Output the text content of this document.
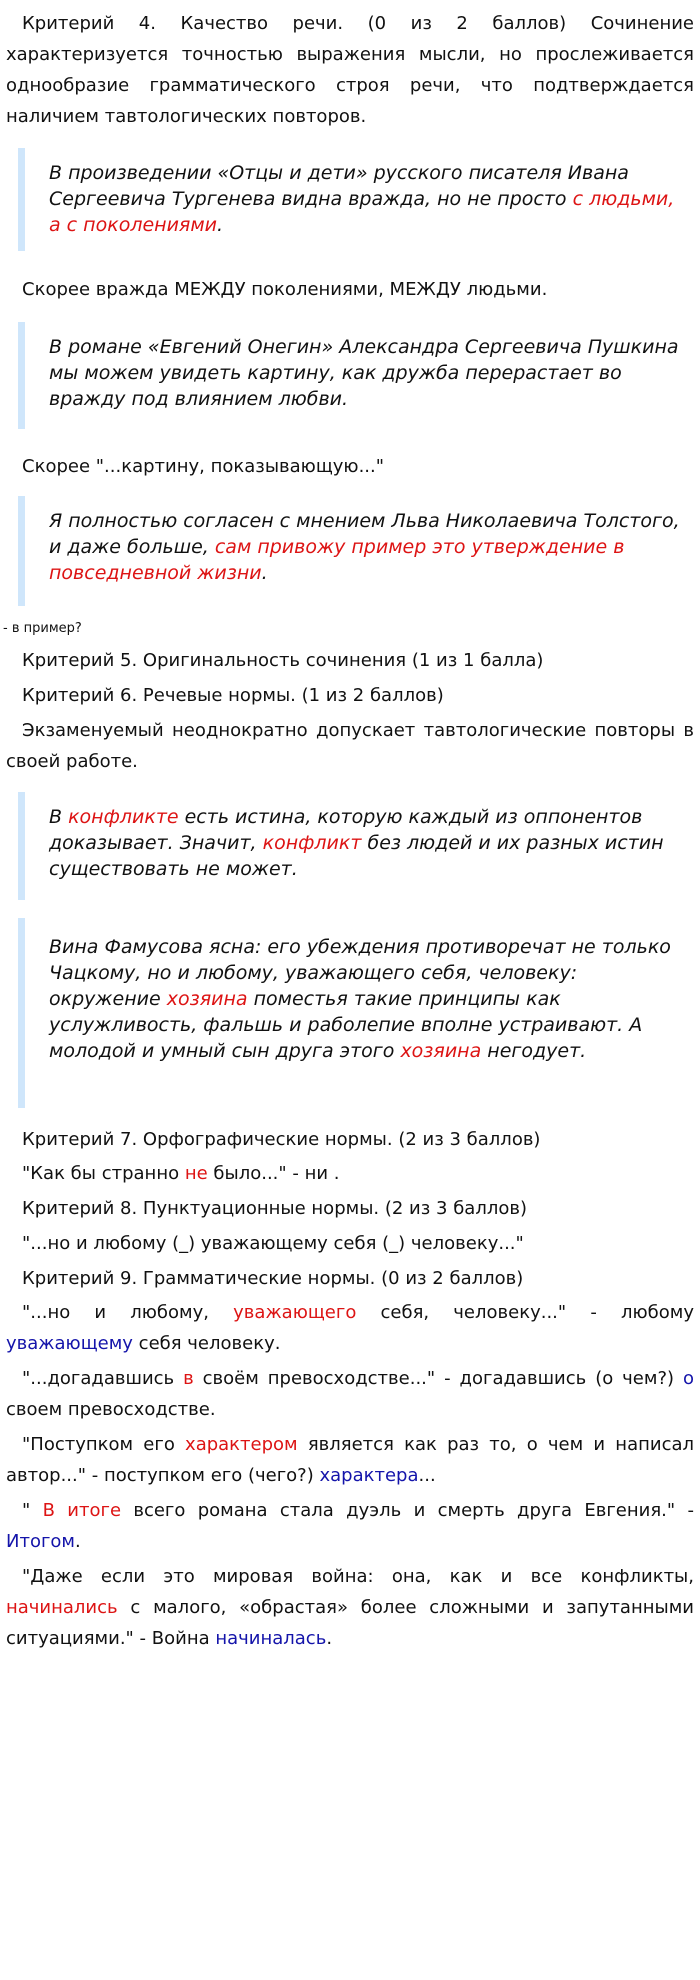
Критерий 4. Качество речи. (0 из 2 баллов) Сочинение характеризуется точностью выражения мысли, но прослеживается однообразие грамматического строя речи, что подтверждается наличием тавтологических повторов.

В произведении «Отцы и дети» русского писателя Ивана Сергеевича Тургенева видна вражда, но не просто с людьми, а с поколениями.

Скорее вражда МЕЖДУ поколениями, МЕЖДУ людьми.

В романе «Евгений Онегин» Александра Сергеевича Пушкина мы можем увидеть картину, как дружба перерастает во вражду под влиянием любви.

Скорее "...картину, показывающую..."

Я полностью согласен с мнением Льва Николаевича Толстого, и даже больше, сам привожу пример это утверждение в повседневной жизни.

- в пример?

Критерий 5. Оригинальность сочинения (1 из 1 балла)

Критерий 6. Речевые нормы. (1 из 2 баллов)

Экзаменуемый неоднократно допускает тавтологические повторы в своей работе.

В конфликте есть истина, которую каждый из оппонентов доказывает. Значит, конфликт без людей и их разных истин существовать не может.

Вина Фамусова ясна: его убеждения противоречат не только Чацкому, но и любому, уважающего себя, человеку: окружение хозяина поместья такие принципы как услужливость, фальшь и раболепие вполне устраивают. А молодой и умный сын друга этого хозяина негодует.

Критерий 7. Орфографические нормы. (2 из 3 баллов)

"Как бы странно не было..." - ни .

Критерий 8. Пунктуационные нормы. (2 из 3 баллов)

"...но и любому (_) уважающему себя (_) человеку..."

Критерий 9. Грамматические нормы. (0 из 2 баллов)

"...но и любому, уважающего себя, человеку..." - любому уважающему себя человеку.

"...догадавшись в своём превосходстве..." - догадавшись (о чем?) о своем превосходстве.

"Поступком его характером является как раз то, о чем и написал автор..." - поступком его (чего?) характера...

" В итоге всего романа стала дуэль и смерть друга Евгения." - Итогом.

"Даже если это мировая война: она, как и все конфликты, начинались с малого, «обрастая» более сложными и запутанными ситуациями." - Война начиналась.
